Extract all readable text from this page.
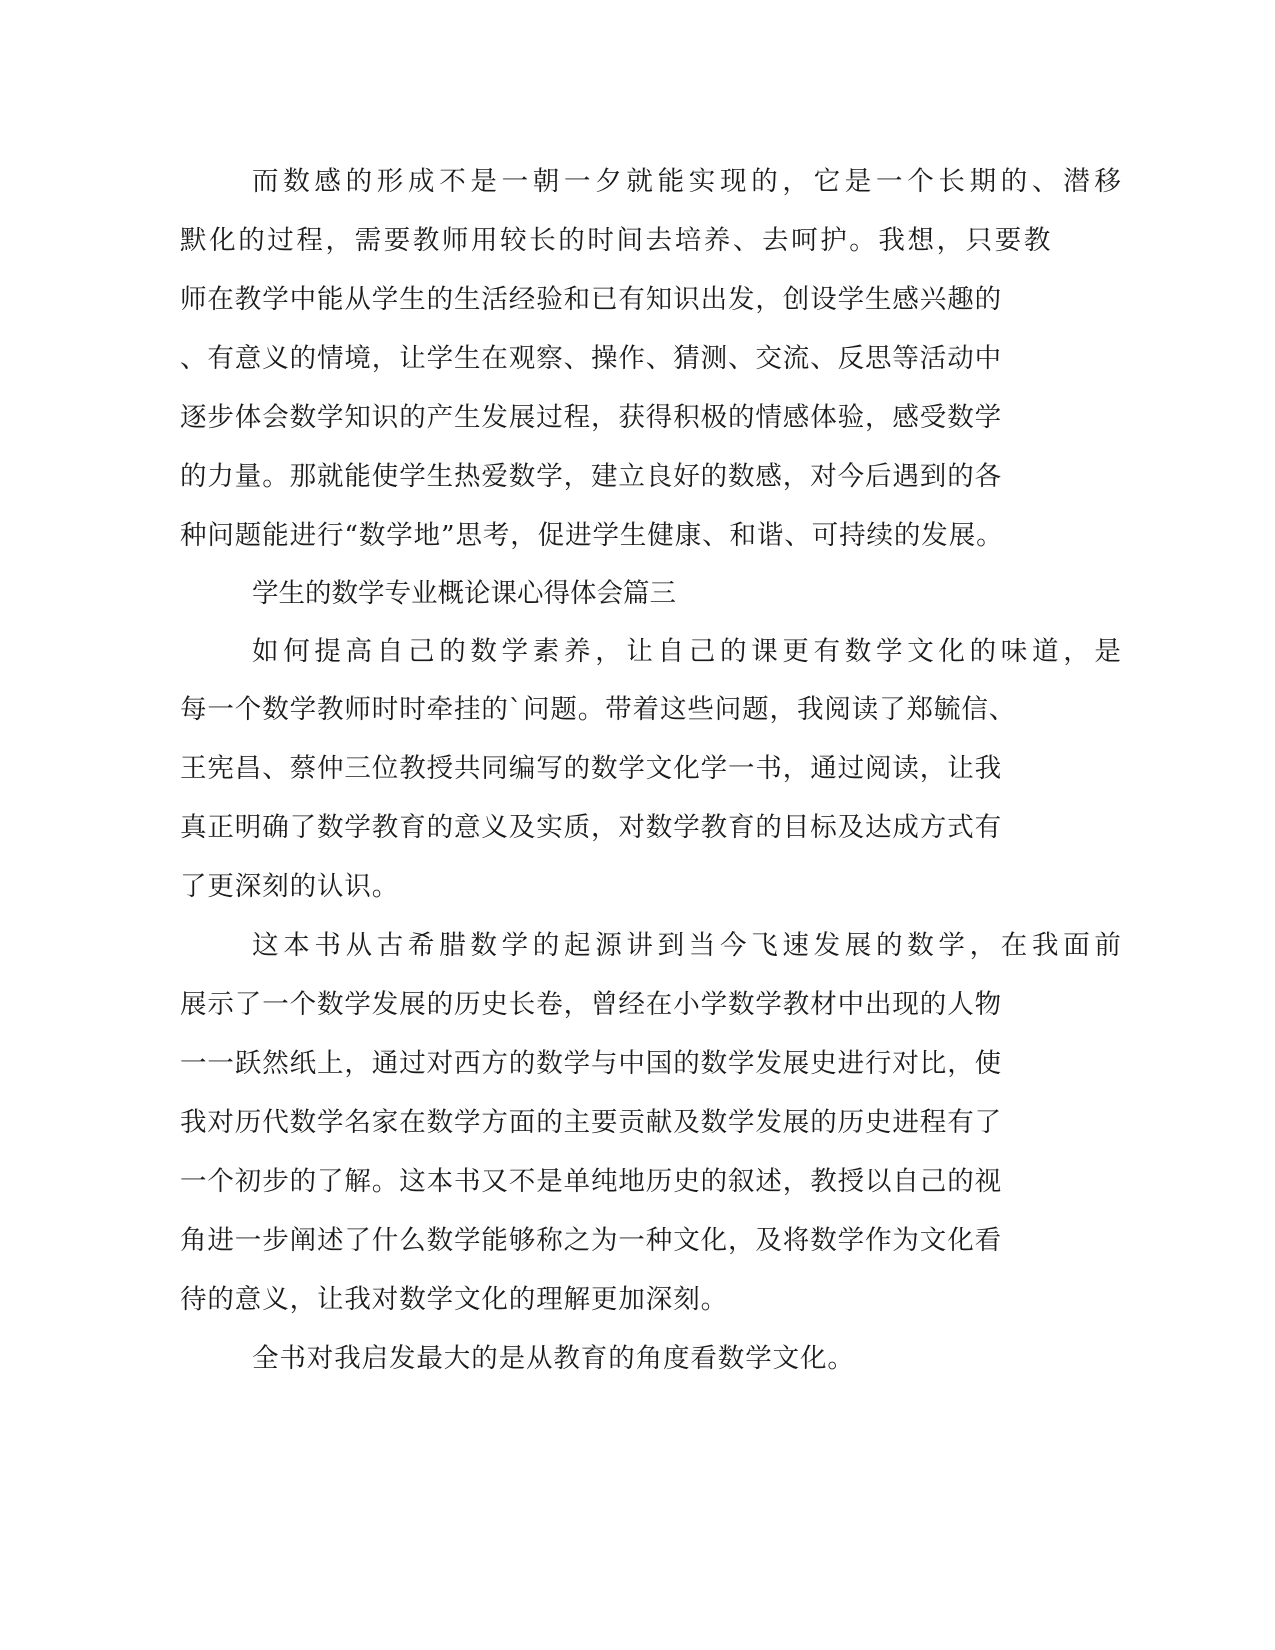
而数感的形成不是一朝一夕就能实现的，它是一个长期的、潜移

默化的过程，需要教师用较长的时间去培养、去呵护。我想，只要教

师在教学中能从学生的生活经验和已有知识出发，创设学生感兴趣的

、有意义的情境，让学生在观察、操作、猜测、交流、反思等活动中

逐步体会数学知识的产生发展过程，获得积极的情感体验，感受数学

的力量。那就能使学生热爱数学，建立良好的数感，对今后遇到的各

种问题能进行“数学地”思考，促进学生健康、和谐、可持续的发展。

学生的数学专业概论课心得体会篇三

如何提高自己的数学素养，让自己的课更有数学文化的味道，是

每一个数学教师时时牵挂的`问题。带着这些问题，我阅读了郑毓信、

王宪昌、蔡仲三位教授共同编写的数学文化学一书，通过阅读，让我

真正明确了数学教育的意义及实质，对数学教育的目标及达成方式有

了更深刻的认识。

这本书从古希腊数学的起源讲到当今飞速发展的数学，在我面前

展示了一个数学发展的历史长卷，曾经在小学数学教材中出现的人物

一一跃然纸上，通过对西方的数学与中国的数学发展史进行对比，使

我对历代数学名家在数学方面的主要贡献及数学发展的历史进程有了

一个初步的了解。这本书又不是单纯地历史的叙述，教授以自己的视

角进一步阐述了什么数学能够称之为一种文化，及将数学作为文化看

待的意义，让我对数学文化的理解更加深刻。

全书对我启发最大的是从教育的角度看数学文化。
